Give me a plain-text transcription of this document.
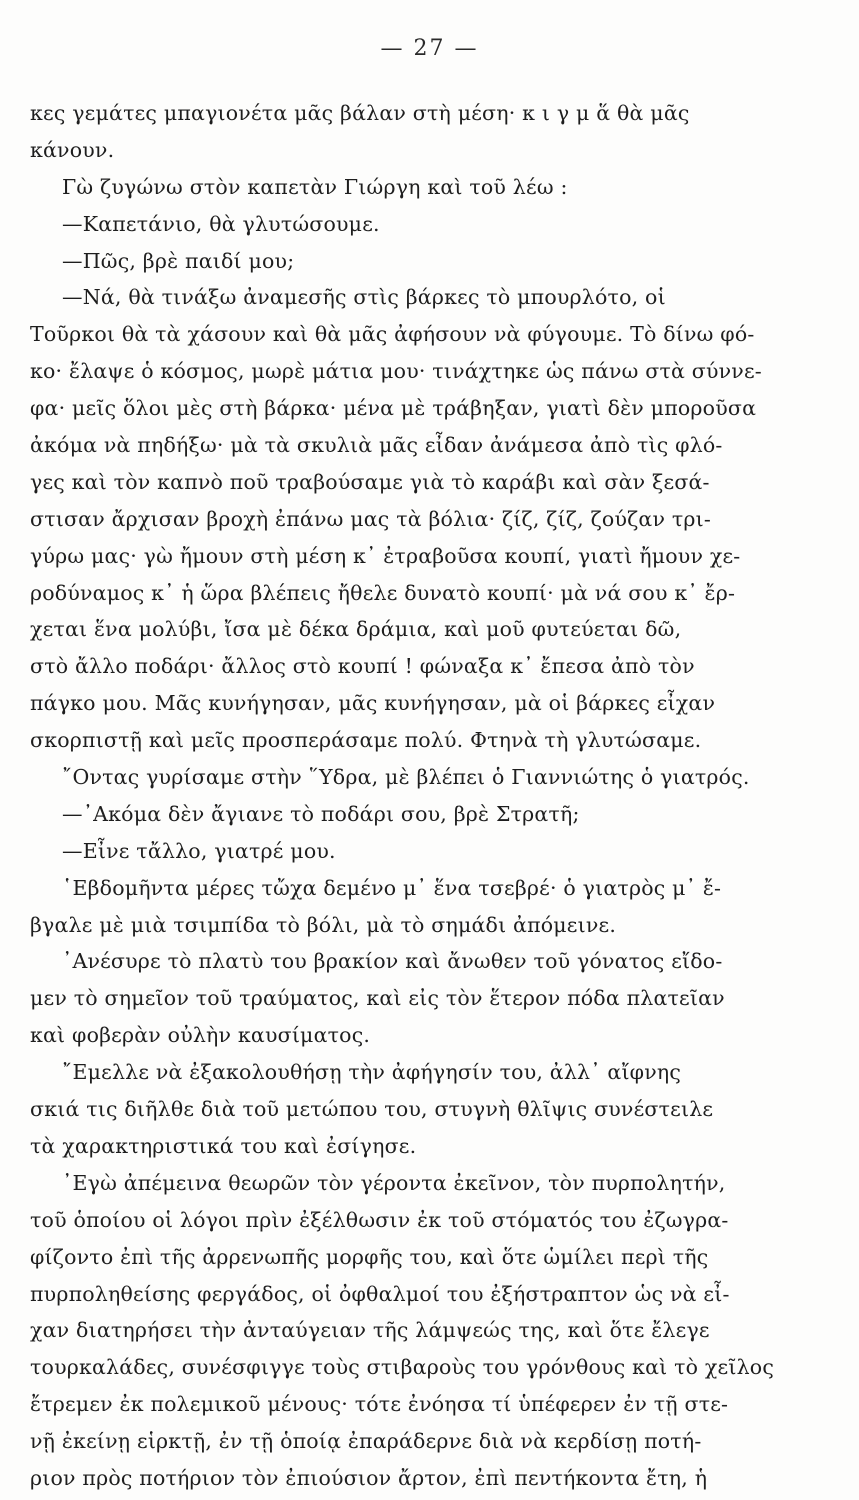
— 27 —
κες γεμάτες μπαγιονέτα μᾶς βάλαν στὴ μέση· κ ι γ μ ἅ θὰ μᾶς
κάνουν.
Γὼ ζυγώνω στὸν καπετὰν Γιώργη καὶ τοῦ λέω :
—Καπετάνιο, θὰ γλυτώσουμε.
—Πῶς, βρὲ παιδί μου;
—Νά, θὰ τινάξω ἀναμεσῆς στὶς βάρκες τὸ μπουρλότο, οἱ
Τοῦρκοι θὰ τὰ χάσουν καὶ θὰ μᾶς ἀφήσουν νὰ φύγουμε. Τὸ δίνω φό-
κο· ἔλαψε ὁ κόσμος, μωρὲ μάτια μου· τινάχτηκε ὡς πάνω στὰ σύννε-
φα· μεῖς ὅλοι μὲς στὴ βάρκα· μένα μὲ τράβηξαν, γιατὶ δὲν μποροῦσα
ἀκόμα νὰ πηδήξω· μὰ τὰ σκυλιὰ μᾶς εἶδαν ἀνάμεσα ἀπὸ τὶς φλό-
γες καὶ τὸν καπνὸ ποῦ τραβούσαμε γιὰ τὸ καράβι καὶ σὰν ξεσά-
στισαν ἄρχισαν βροχὴ ἐπάνω μας τὰ βόλια· ζίζ, ζίζ, ζούζαν τρι-
γύρω μας· γὼ ἤμουν στὴ μέση κ᾽ ἐτραβοῦσα κουπί, γιατὶ ἤμουν χε-
ροδύναμος κ᾽ ἡ ὥρα βλέπεις ἤθελε δυνατὸ κουπί· μὰ νά σου κ᾽ ἔρ-
χεται ἕνα μολύβι, ἴσα μὲ δέκα δράμια, καὶ μοῦ φυτεύεται δῶ,
στὸ ἄλλο ποδάρι· ἄλλος στὸ κουπί ! φώναξα κ᾽ ἔπεσα ἀπὸ τὸν
πάγκο μου. Μᾶς κυνήγησαν, μᾶς κυνήγησαν, μὰ οἱ βάρκες εἶχαν
σκορπιστῇ καὶ μεῖς προσπεράσαμε πολύ. Φτηνὰ τὴ γλυτώσαμε.
῎Οντας γυρίσαμε στὴν ῞Υδρα, μὲ βλέπει ὁ Γιαννιώτης ὁ γιατρός.
—᾽Ακόμα δὲν ἄγιανε τὸ ποδάρι σου, βρὲ Στρατῆ;
—Εἶνε τἄλλο, γιατρέ μου.
῾Εβδομῆντα μέρες τὤχα δεμένο μ᾽ ἕνα τσεβρέ· ὁ γιατρὸς μ᾽ ἔ-
βγαλε μὲ μιὰ τσιμπίδα τὸ βόλι, μὰ τὸ σημάδι ἀπόμεινε.
᾽Ανέσυρε τὸ πλατὺ του βρακίον καὶ ἄνωθεν τοῦ γόνατος εἴδο-
μεν τὸ σημεῖον τοῦ τραύματος, καὶ εἰς τὸν ἕτερον πόδα πλατεῖαν
καὶ φοβερὰν οὐλὴν καυσίματος.
῎Εμελλε νὰ ἐξακολουθήσῃ τὴν ἀφήγησίν του, ἀλλ᾽ αἴφνης
σκιά τις διῆλθε διὰ τοῦ μετώπου του, στυγνὴ θλῖψις συνέστειλε
τὰ χαρακτηριστικά του καὶ ἐσίγησε.
᾽Εγὼ ἀπέμεινα θεωρῶν τὸν γέροντα ἐκεῖνον, τὸν πυρπολητήν,
τοῦ ὁποίου οἱ λόγοι πρὶν ἐξέλθωσιν ἐκ τοῦ στόματός του ἐζωγρα-
φίζοντο ἐπὶ τῆς ἀρρενωπῆς μορφῆς του, καὶ ὅτε ὡμίλει περὶ τῆς
πυρποληθείσης φεργάδος, οἱ ὀφθαλμοί του ἐξήστραπτον ὡς νὰ εἶ-
χαν διατηρήσει τὴν ἀνταύγειαν τῆς λάμψεώς της, καὶ ὅτε ἔλεγε
τουρκαλάδες, συνέσφιγγε τοὺς στιβαροὺς του γρόνθους καὶ τὸ χεῖλος
ἔτρεμεν ἐκ πολεμικοῦ μένους· τότε ἐνόησα τί ὑπέφερεν ἐν τῇ στε-
νῇ ἐκείνῃ εἱρκτῇ, ἐν τῇ ὁποίᾳ ἐπαράδερνε διὰ νὰ κερδίσῃ ποτή-
ριον πρὸς ποτήριον τὸν ἐπιούσιον ἄρτον, ἐπὶ πεντήκοντα ἔτη, ἡ
